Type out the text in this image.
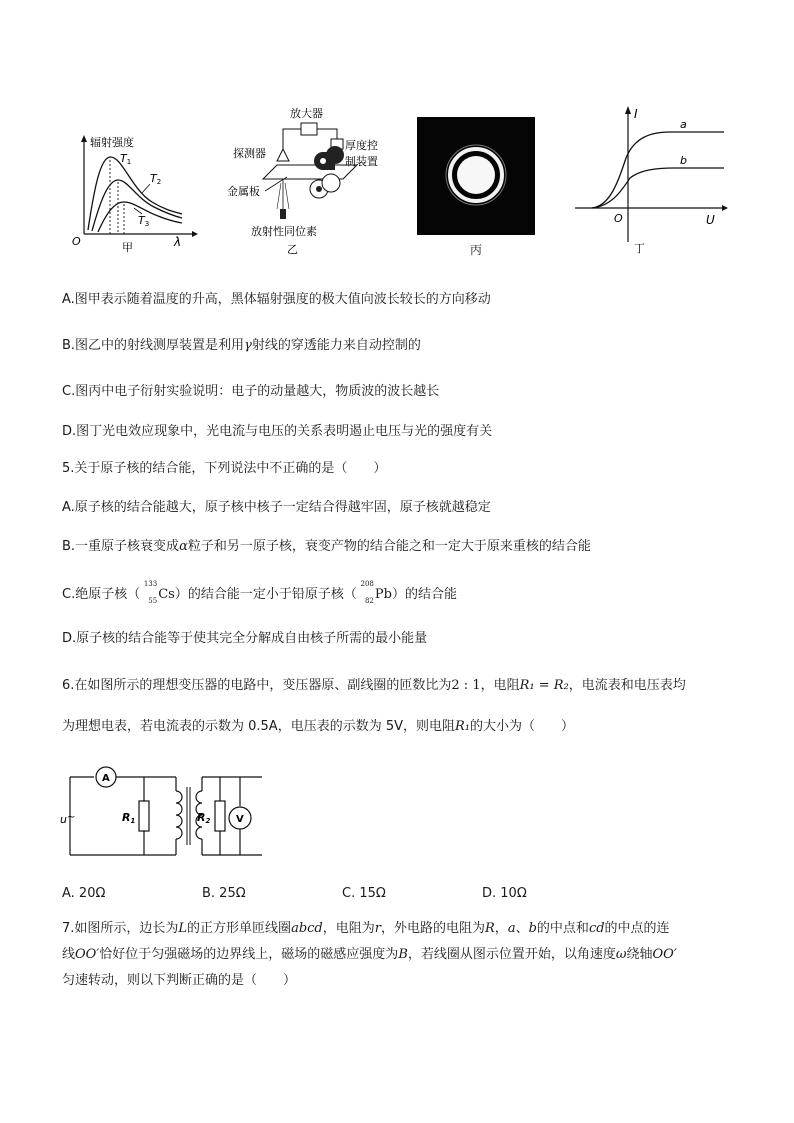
辐射强度
T1
T2
T3
O	λ
甲
放大器
探测器
厚度控
制装置
金属板
放射性同位素
乙	丙
I
a
b
O	U
丁
A.图甲表示随着温度的升高，黑体辐射强度的极大值向波长较长的方向移动
B.图乙中的射线测厚装置是利用γ射线的穿透能力来自动控制的
C.图丙中电子衍射实验说明：电子的动量越大，物质波的波长越长
D.图丁光电效应现象中，光电流与电压的关系表明遏止电压与光的强度有关
5.关于原子核的结合能，下列说法中不正确的是（　　）
A.原子核的结合能越大，原子核中核子一定结合得越牢固，原子核就越稳定
B.一重原子核衰变成α粒子和另一原子核，衰变产物的结合能之和一定大于原来重核的结合能
C.绝原子核（
133
55 Cs）的结合能一定小于铅原子核（
208
82 Pb）的结合能
D.原子核的结合能等于使其完全分解成自由核子所需的最小能量
6.在如图所示的理想变压器的电路中，变压器原、副线圈的匝数比为2 : 1，电阻R₁ = R₂，电流表和电压表均
为理想电表，若电流表的示数为 0.5A，电压表的示数为 5V，则电阻R₁的大小为（　　）
A
u~	R1	R2	V
A. 20Ω	B. 25Ω	C. 15Ω	D. 10Ω
7.如图所示，边长为L的正方形单匝线圈abcd，电阻为r，外电路的电阻为R，a、b的中点和cd的中点的连
线OO′恰好位于匀强磁场的边界线上，磁场的磁感应强度为B，若线圈从图示位置开始，以角速度ω绕轴OO′
匀速转动，则以下判断正确的是（　　）
